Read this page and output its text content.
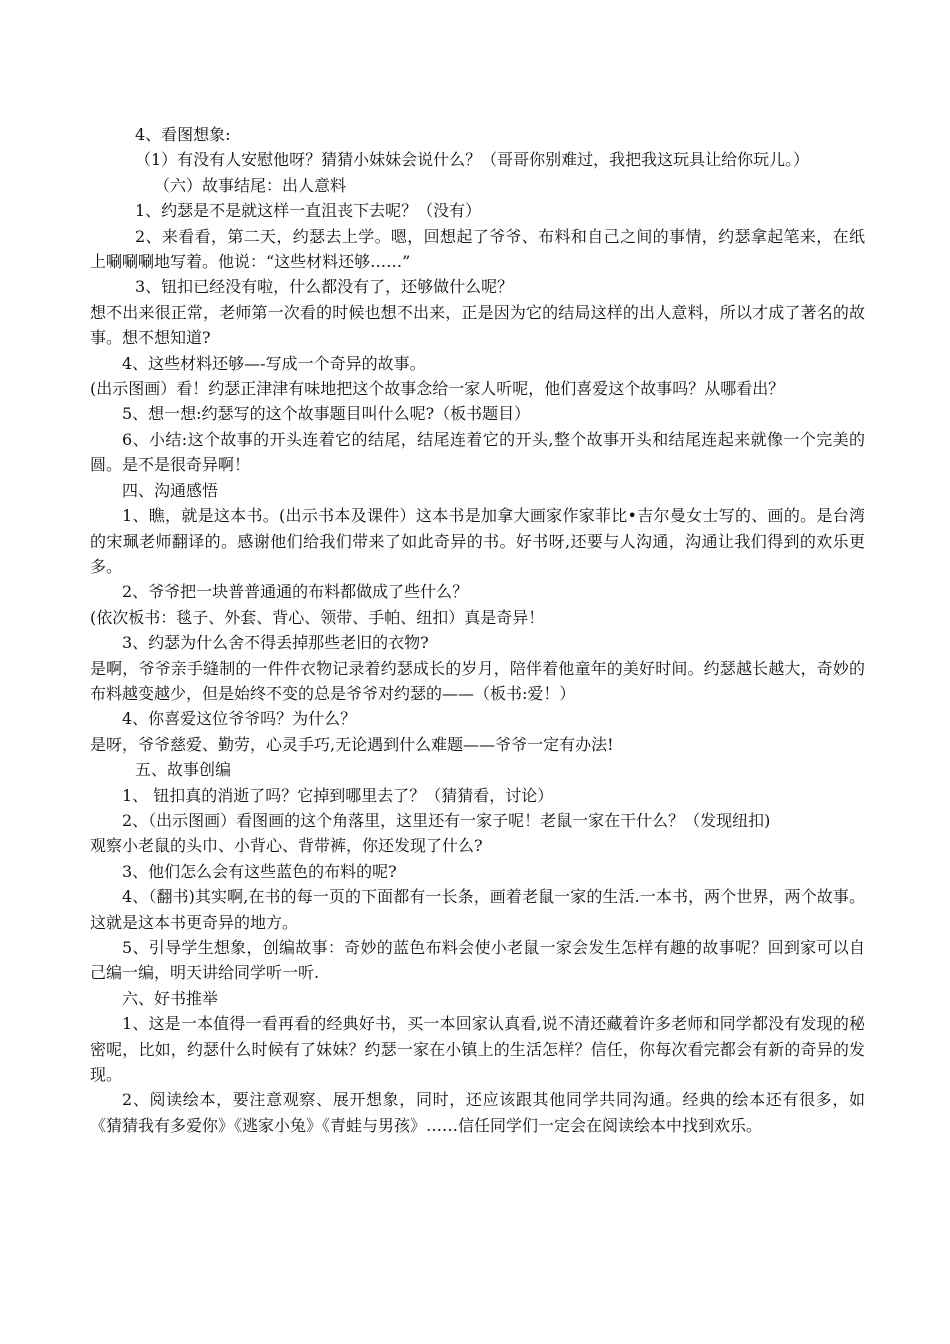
4、看图想象:

（1）有没有人安慰他呀？猜猜小妹妹会说什么？（哥哥你别难过，我把我这玩具让给你玩儿。）

（六）故事结尾：出人意料

1、约瑟是不是就这样一直沮丧下去呢？（没有）

2、来看看，第二天，约瑟去上学。嗯，回想起了爷爷、布料和自己之间的事情，约瑟拿起笔来，在纸上唰唰唰地写着。他说：“这些材料还够……”

3、钮扣已经没有啦，什么都没有了，还够做什么呢？

想不出来很正常，老师第一次看的时候也想不出来，正是因为它的结局这样的出人意料，所以才成了著名的故事。想不想知道?

4、这些材料还够—-写成一个奇异的故事。

(出示图画）看！约瑟正津津有味地把这个故事念给一家人听呢，他们喜爱这个故事吗？从哪看出？

5、想一想:约瑟写的这个故事题目叫什么呢?（板书题目）

6、小结:这个故事的开头连着它的结尾，结尾连着它的开头,整个故事开头和结尾连起来就像一个完美的圆。是不是很奇异啊！

四、沟通感悟

1、瞧，就是这本书。(出示书本及课件）这本书是加拿大画家作家菲比•吉尔曼女士写的、画的。是台湾的宋珮老师翻译的。感谢他们给我们带来了如此奇异的书。好书呀,还要与人沟通，沟通让我们得到的欢乐更多。

2、爷爷把一块普普通通的布料都做成了些什么？

(依次板书：毯子、外套、背心、领带、手帕、纽扣）真是奇异！

3、约瑟为什么舍不得丢掉那些老旧的衣物?

是啊，爷爷亲手缝制的一件件衣物记录着约瑟成长的岁月，陪伴着他童年的美好时间。约瑟越长越大，奇妙的布料越变越少，但是始终不变的总是爷爷对约瑟的——（板书:爱！）

4、你喜爱这位爷爷吗？为什么？

是呀，爷爷慈爱、勤劳，心灵手巧,无论遇到什么难题——爷爷一定有办法!

五、故事创编

1、 钮扣真的消逝了吗？它掉到哪里去了？（猜猜看，讨论）

2、（出示图画）看图画的这个角落里，这里还有一家子呢！老鼠一家在干什么？（发现纽扣)

观察小老鼠的头巾、小背心、背带裤，你还发现了什么?

3、他们怎么会有这些蓝色的布料的呢?

4、（翻书)其实啊,在书的每一页的下面都有一长条，画着老鼠一家的生活.一本书，两个世界，两个故事。这就是这本书更奇异的地方。

5、引导学生想象，创编故事：奇妙的蓝色布料会使小老鼠一家会发生怎样有趣的故事呢？回到家可以自己编一编，明天讲给同学听一听.

六、好书推举

1、这是一本值得一看再看的经典好书，买一本回家认真看,说不清还藏着许多老师和同学都没有发现的秘密呢，比如，约瑟什么时候有了妹妹？约瑟一家在小镇上的生活怎样？信任，你每次看完都会有新的奇异的发现。

2、阅读绘本，要注意观察、展开想象，同时，还应该跟其他同学共同沟通。经典的绘本还有很多，如《猜猜我有多爱你》《逃家小兔》《青蛙与男孩》……信任同学们一定会在阅读绘本中找到欢乐。
